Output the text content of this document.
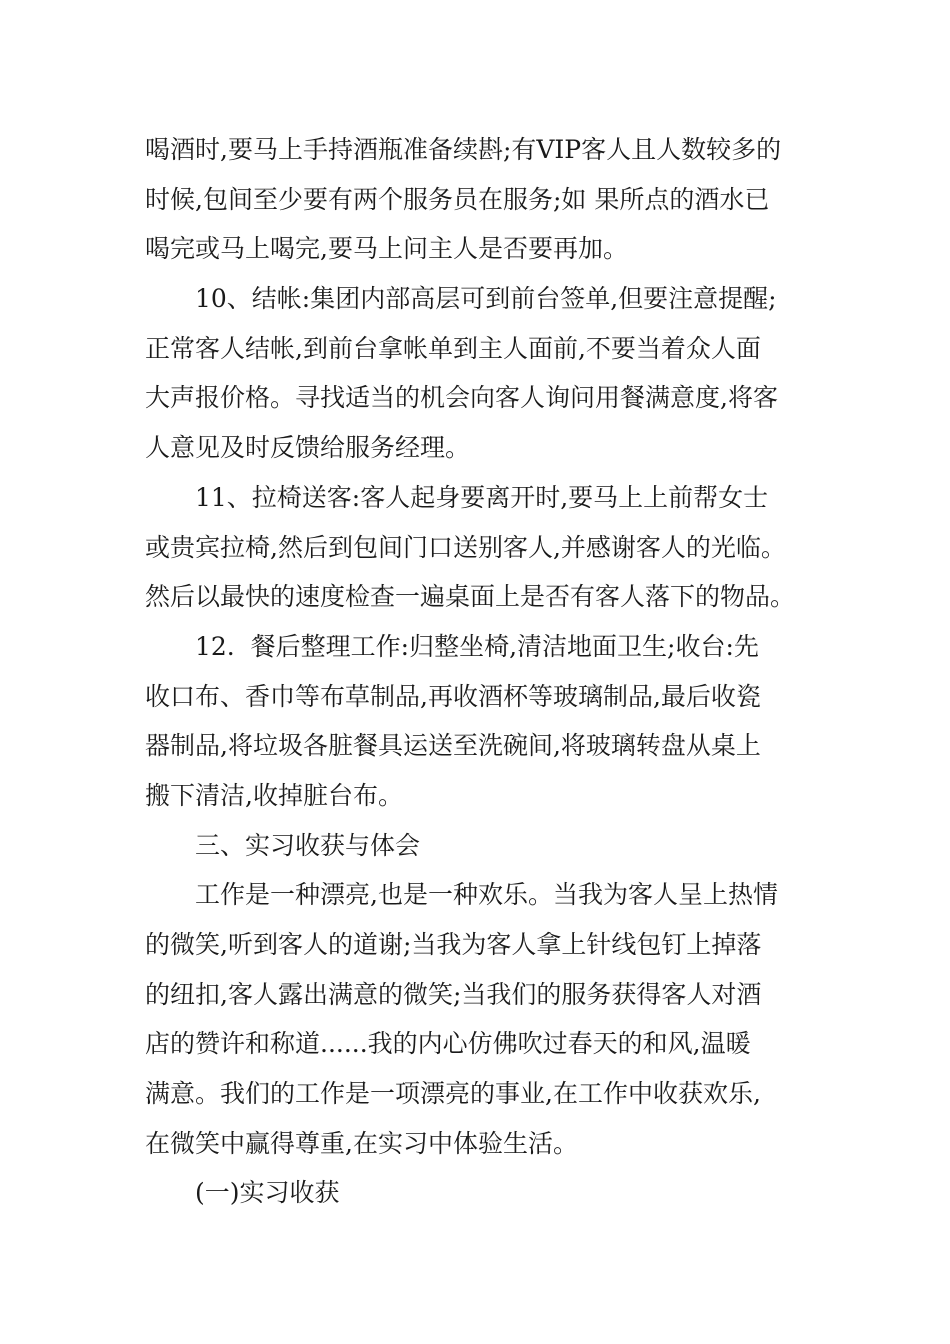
喝酒时,要马上手持酒瓶准备续斟;有VIP客人且人数较多的
时候,包间至少要有两个服务员在服务;如 果所点的酒水已
喝完或马上喝完,要马上问主人是否要再加。
10、结帐:集团内部高层可到前台签单,但要注意提醒;
正常客人结帐,到前台拿帐单到主人面前,不要当着众人面
大声报价格。寻找适当的机会向客人询问用餐满意度,将客
人意见及时反馈给服务经理。
11、拉椅送客:客人起身要离开时,要马上上前帮女士
或贵宾拉椅,然后到包间门口送别客人,并感谢客人的光临。
然后以最快的速度检查一遍桌面上是否有客人落下的物品。
12.  餐后整理工作:归整坐椅,清洁地面卫生;收台:先
收口布、香巾等布草制品,再收酒杯等玻璃制品,最后收瓷
器制品,将垃圾各脏餐具运送至洗碗间,将玻璃转盘从桌上
搬下清洁,收掉脏台布。
三、实习收获与体会
工作是一种漂亮,也是一种欢乐。当我为客人呈上热情
的微笑,听到客人的道谢;当我为客人拿上针线包钉上掉落
的纽扣,客人露出满意的微笑;当我们的服务获得客人对酒
店的赞许和称道......我的内心仿佛吹过春天的和风,温暖
满意。我们的工作是一项漂亮的事业,在工作中收获欢乐,
在微笑中赢得尊重,在实习中体验生活。
(一)实习收获
